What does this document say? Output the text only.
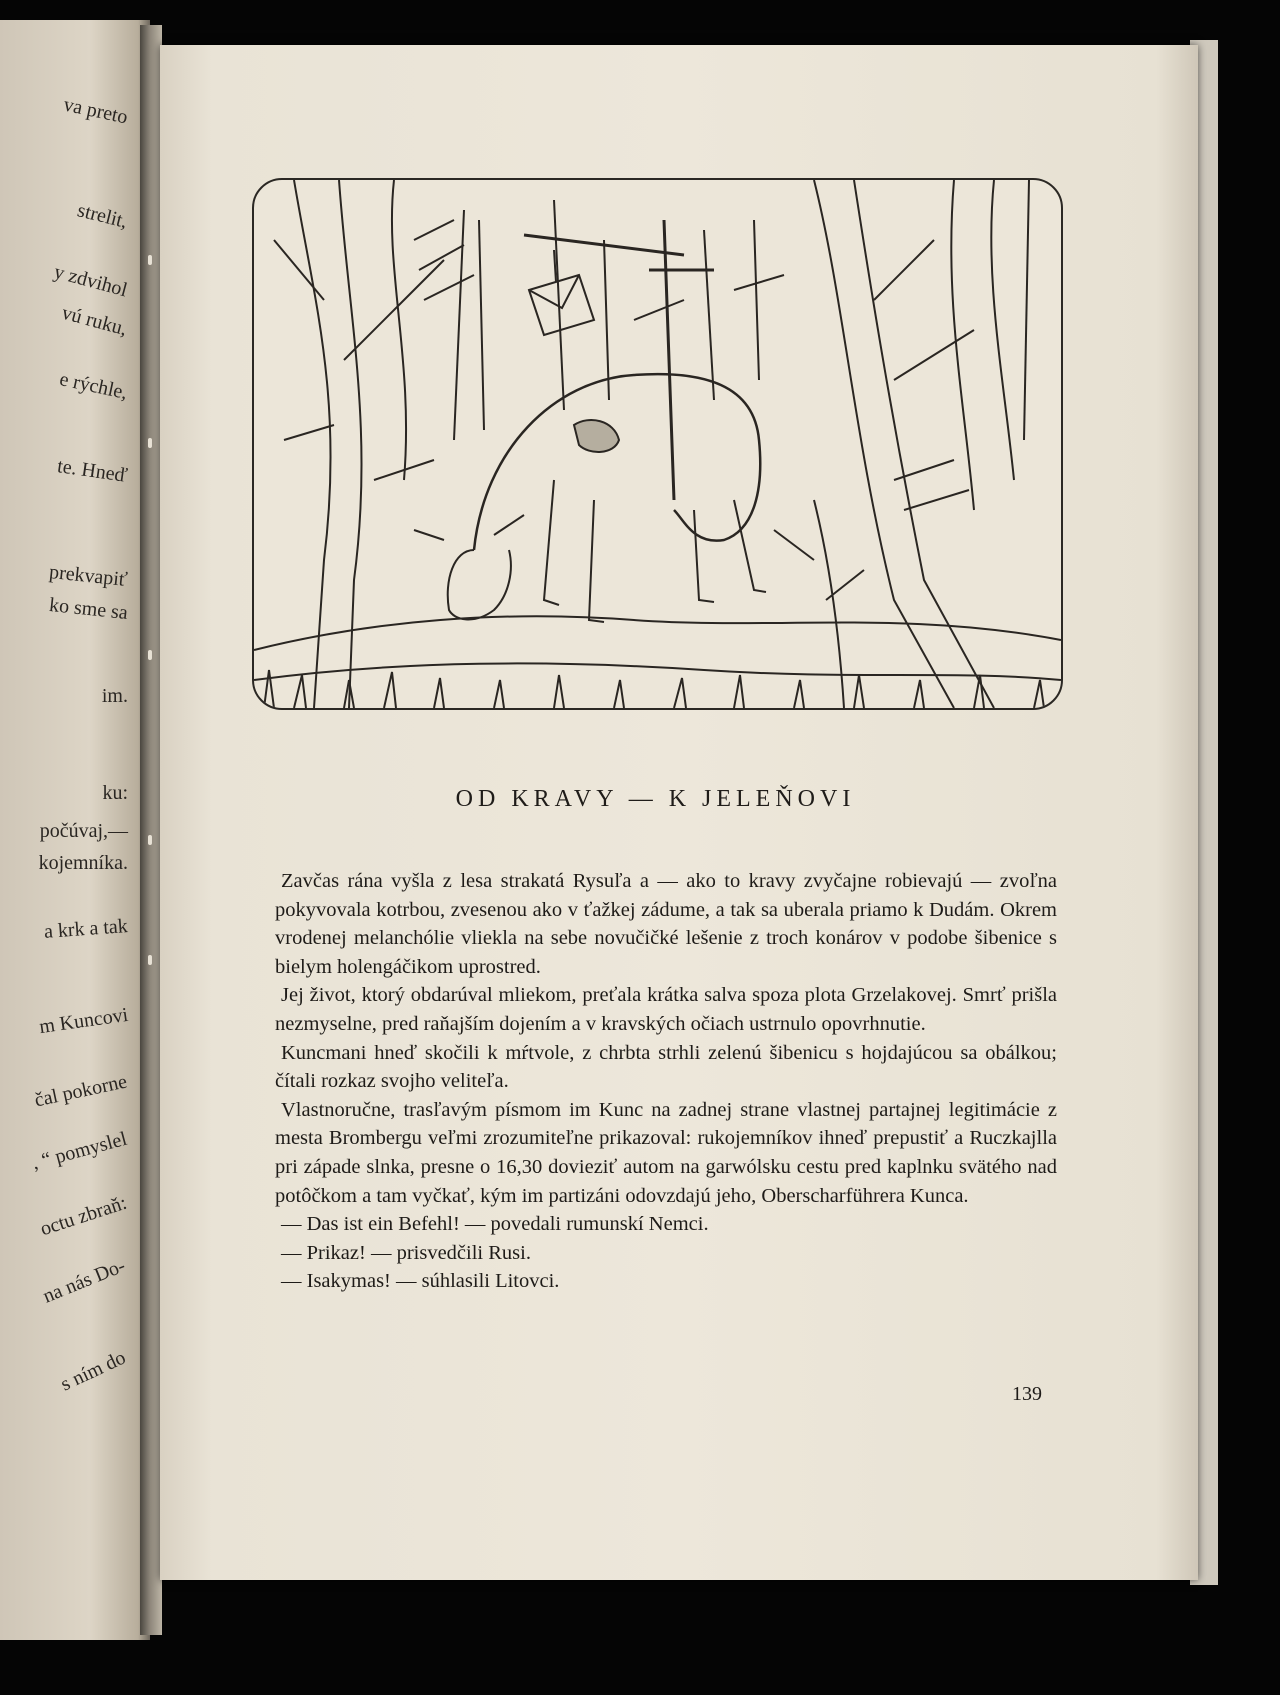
va preto
strelit,
y zdvihol
vú ruku,
e rýchle,
te. Hneď
prekvapiť
ko sme sa
im.
ku:
počúvaj,—
kojemníka.
a krk a tak
m Kuncovi
čal pokorne
, “ pomyslel
octu zbraň:
na nás Do-
s ním do
OD KRAVY — K JELEŇOVI

Zavčas rána vyšla z lesa strakatá Rysuľa a — ako to kravy zvyčajne robievajú — zvoľna pokyvovala kotrbou, zvesenou ako v ťažkej zádume, a tak sa uberala priamo k Dudám. Okrem vrodenej melanchólie vliekla na sebe novučičké lešenie z troch konárov v podobe šibenice s bielym holengáčikom uprostred.

Jej život, ktorý obdarúval mliekom, preťala krátka salva spoza plota Grzelakovej. Smrť prišla nezmyselne, pred raňajším dojením a v kravských očiach ustrnulo opovrhnutie.

Kuncmani hneď skočili k mŕtvole, z chrbta strhli zelenú šibenicu s hojdajúcou sa obálkou; čítali rozkaz svojho veliteľa.

Vlastnoručne, trasľavým písmom im Kunc na zadnej strane vlastnej partajnej legitimácie z mesta Brombergu veľmi zrozumiteľne prikazoval: rukojemníkov ihneď prepustiť a Ruczkajlla pri západe slnka, presne o 16,30 dovieziť autom na garwólsku cestu pred kaplnku svätého nad potôčkom a tam vyčkať, kým im partizáni odovzdajú jeho, Oberscharführera Kunca.

— Das ist ein Befehl! — povedali rumunskí Nemci.

— Prikaz! — prisvedčili Rusi.

— Isakymas! — súhlasili Litovci.

139
